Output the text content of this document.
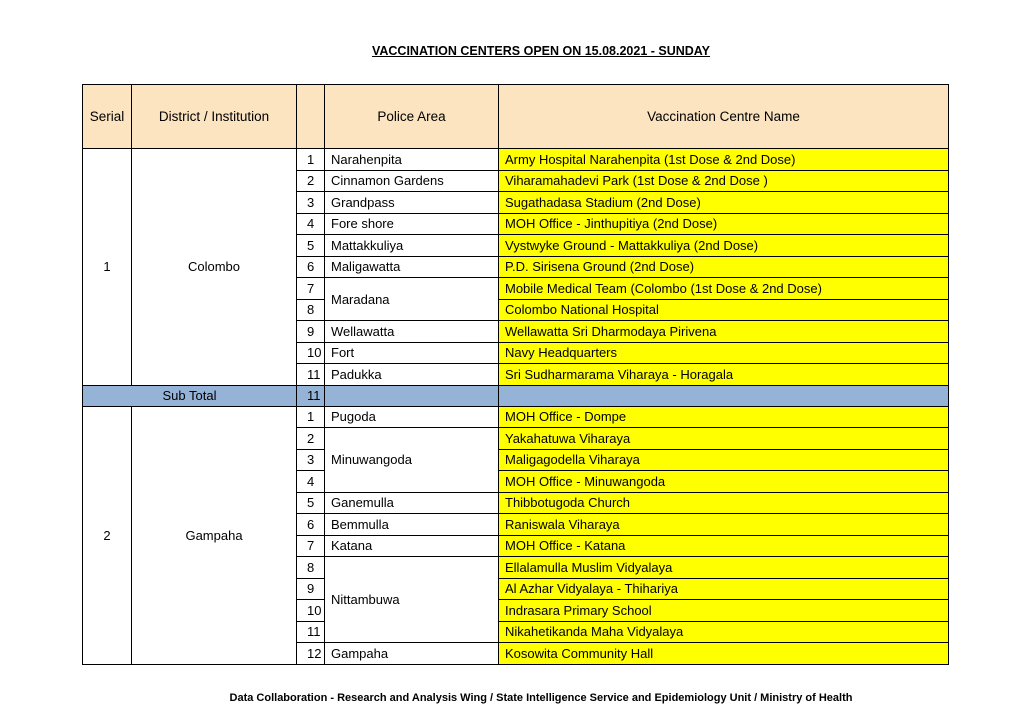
VACCINATION CENTERS OPEN ON 15.08.2021 - SUNDAY
Serial	District / Institution		Police Area	Vaccination Centre Name
1	Colombo	1	Narahenpita	Army Hospital Narahenpita (1st Dose & 2nd Dose)
		2	Cinnamon Gardens	Viharamahadevi Park (1st Dose & 2nd Dose )
		3	Grandpass	Sugathadasa Stadium (2nd Dose)
		4	Fore shore	MOH Office - Jinthupitiya (2nd Dose)
		5	Mattakkuliya	Vystwyke Ground - Mattakkuliya (2nd Dose)
		6	Maligawatta	P.D. Sirisena Ground (2nd Dose)
		7	Maradana	Mobile Medical Team (Colombo (1st Dose & 2nd Dose)
		8		Colombo National Hospital
		9	Wellawatta	Wellawatta Sri Dharmodaya Pirivena
		10	Fort	Navy Headquarters
		11	Padukka	Sri Sudharmarama Viharaya - Horagala
Sub Total		11		
2	Gampaha	1	Pugoda	MOH Office - Dompe
		2	Minuwangoda	Yakahatuwa Viharaya
		3		Maligagodella Viharaya
		4		MOH Office - Minuwangoda
		5	Ganemulla	Thibbotugoda Church
		6	Bemmulla	Raniswala Viharaya
		7	Katana	MOH Office - Katana
		8	Nittambuwa	Ellalamulla Muslim Vidyalaya
		9		Al Azhar Vidyalaya - Thihariya
		10		Indrasara Primary School
		11		Nikahetikanda Maha Vidyalaya
		12	Gampaha	Kosowita Community Hall
Data Collaboration - Research and Analysis Wing / State Intelligence Service and Epidemiology Unit / Ministry of Health
